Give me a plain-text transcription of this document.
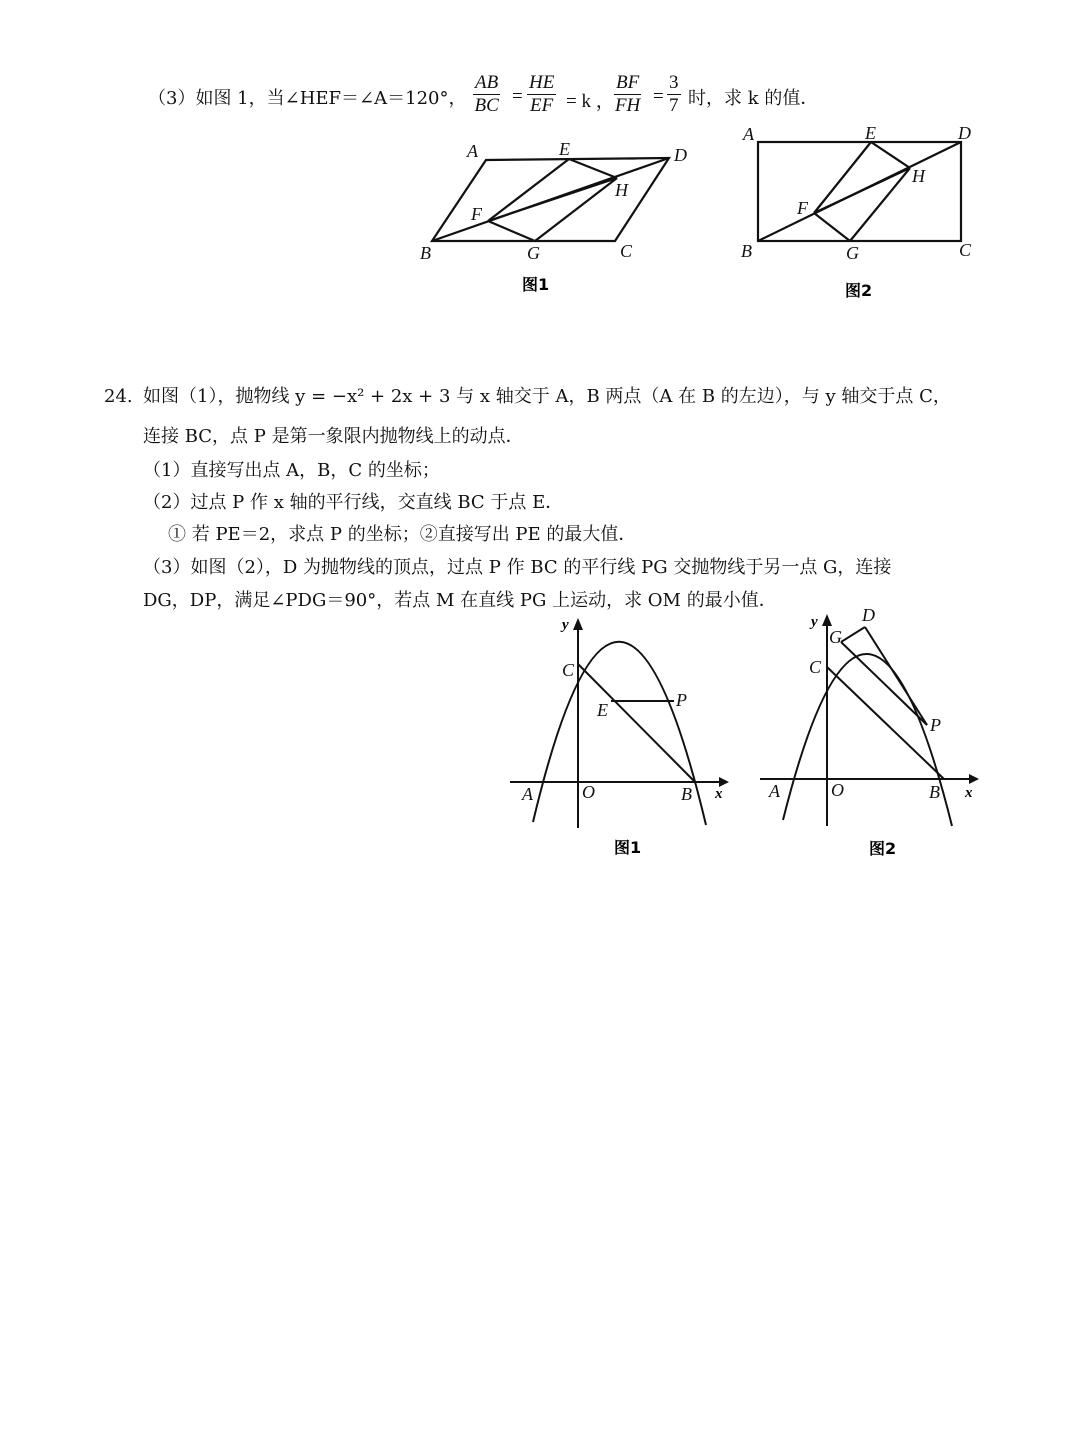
（3）如图 1，当∠HEF＝∠A＝120°， $\frac{AB}{BC} = \frac{HE}{EF} = k$ ， $\frac{BF}{FH} = \frac{3}{7}$ 时，求 k 的值．
A	E	D
F
H
B	G	C
图1
A	E	D
H
F
B	G	C
图2
24. 如图（1），抛物线 y = −x² + 2x + 3 与 x 轴交于 A，B 两点（A 在 B 的左边），与 y 轴交于点 C，
连接 BC，点 P 是第一象限内抛物线上的动点．
（1）直接写出点 A，B，C 的坐标；
（2）过点 P 作 x 轴的平行线，交直线 BC 于点 E．
① 若 PE＝2，求点 P 的坐标；②直接写出 PE 的最大值．
（3）如图（2），D 为抛物线的顶点，过点 P 作 BC 的平行线 PG 交抛物线于另一点 G，连接
DG，DP，满足∠PDG＝90°，若点 M 在直线 PG 上运动，求 OM 的最小值．
C
E	P
A	O	B
y
x
图1
D
G
C
P
A	O	B
y
x
图2
